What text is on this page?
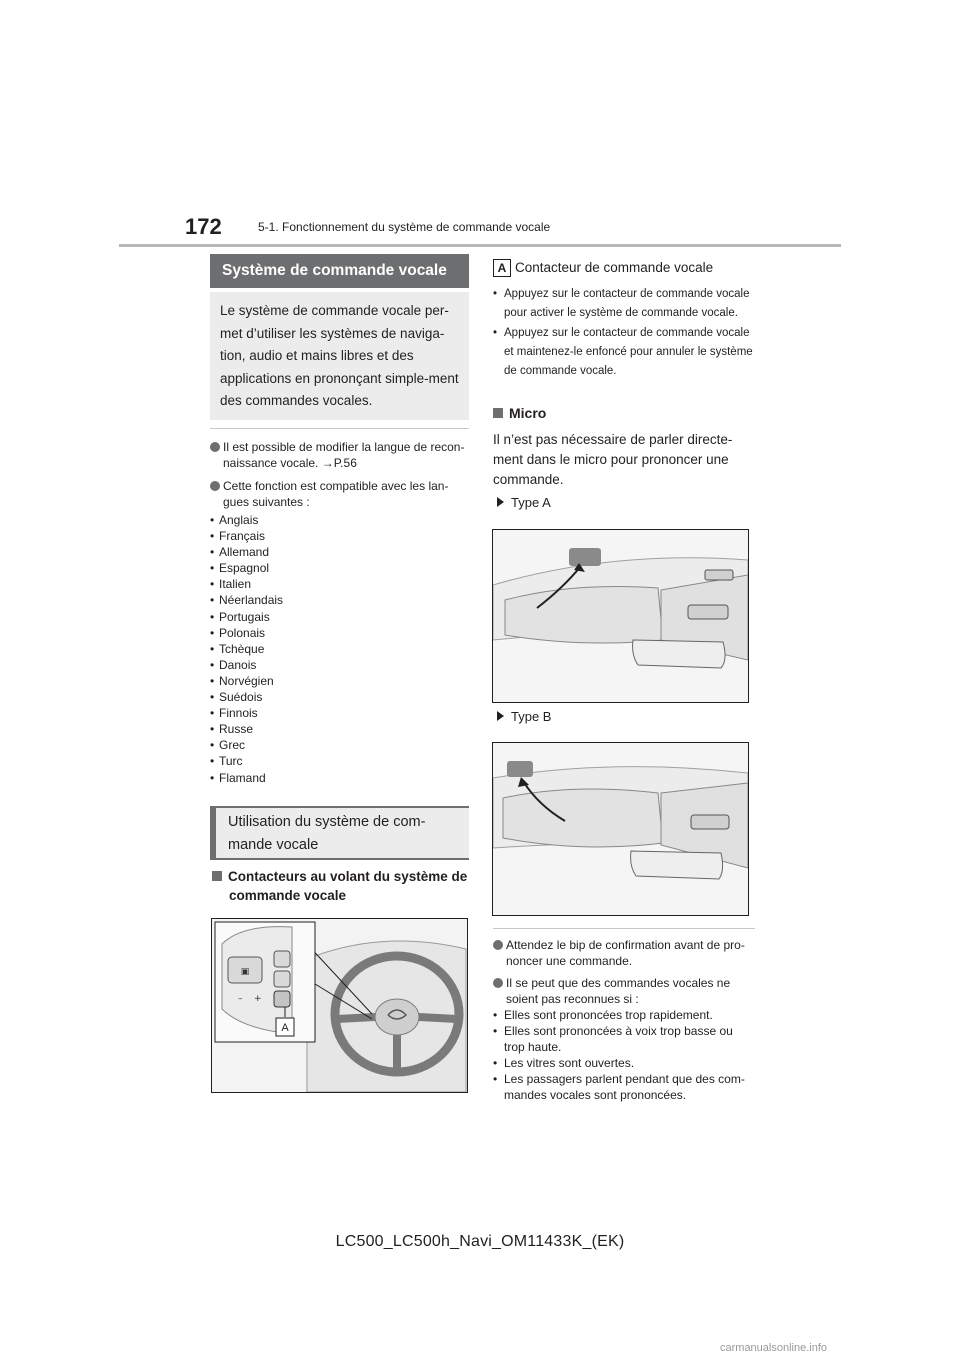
172	5-1. Fonctionnement du système de commande vocale
Système de commande vocale
Le système de commande vocale per-met d’utiliser les systèmes de naviga-tion, audio et mains libres et des applications en prononçant simple-ment des commandes vocales.
Il est possible de modifier la langue de recon-naissance vocale. →P.56
Cette fonction est compatible avec les lan-gues suivantes :
• Anglais
• Français
• Allemand
• Espagnol
• Italien
• Néerlandais
• Portugais
• Polonais
• Tchèque
• Danois
• Norvégien
• Suédois
• Finnois
• Russe
• Grec
• Turc
• Flamand
Utilisation du système de com-mande vocale
Contacteurs au volant du système de commande vocale
▣
– +
A
A Contacteur de commande vocale
• Appuyez sur le contacteur de commande vocale pour activer le système de commande vocale.
• Appuyez sur le contacteur de commande vocale et maintenez-le enfoncé pour annuler le système de commande vocale.
Micro
Il n’est pas nécessaire de parler directe-ment dans le micro pour prononcer une commande.
Type A
Type B
Attendez le bip de confirmation avant de pro-noncer une commande.
Il se peut que des commandes vocales ne soient pas reconnues si :
• Elles sont prononcées trop rapidement.
• Elles sont prononcées à voix trop basse ou trop haute.
• Les vitres sont ouvertes.
• Les passagers parlent pendant que des com-mandes vocales sont prononcées.
LC500_LC500h_Navi_OM11433K_(EK)
carmanualsonline.info
